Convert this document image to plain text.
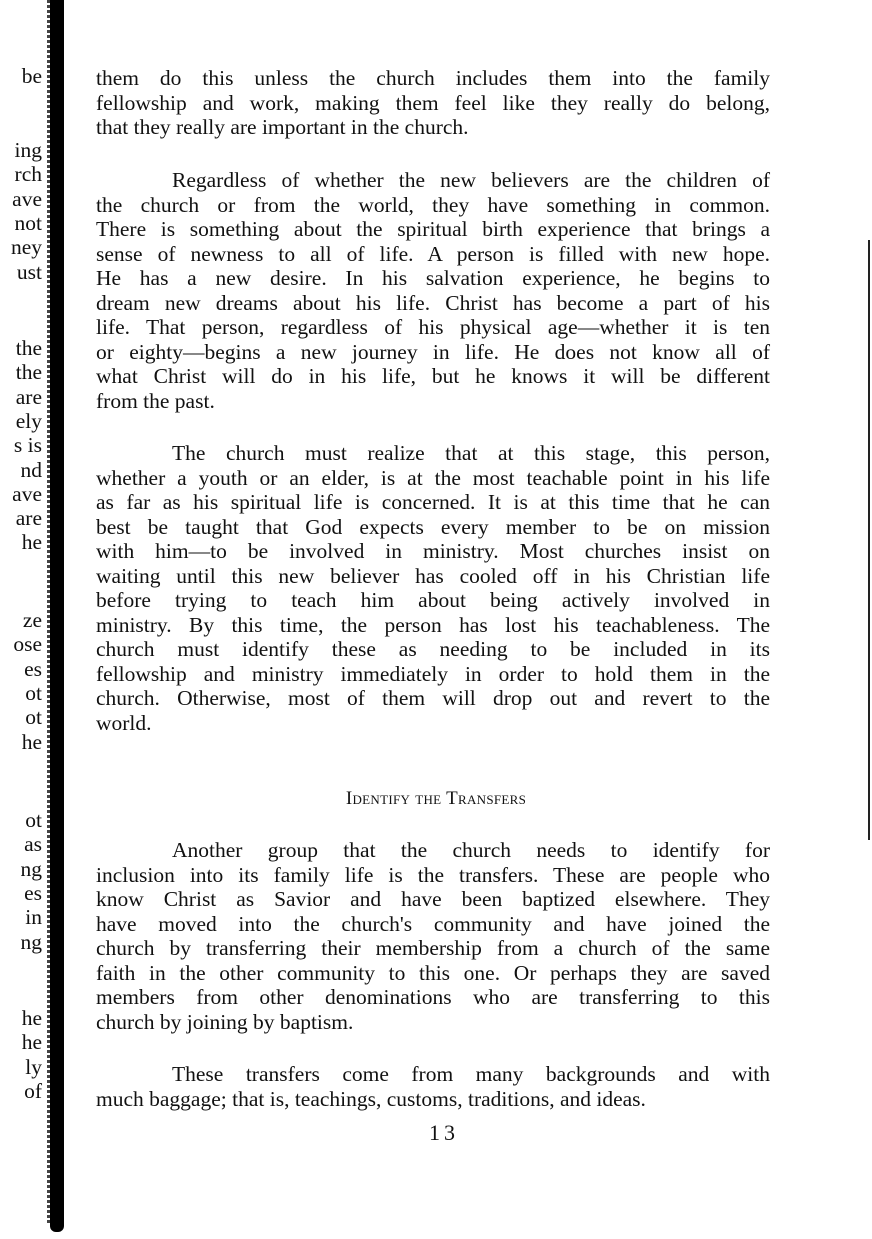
be
ing
rch
ave
not
ney
ust
the
the
are
ely
s is
nd
ave
are
he
ze
ose
es
ot
ot
he
ot
as
ng
es
in
ng
he
he
ly
of
them do this unless the church includes them into the family
fellowship and work, making them feel like they really do belong,
that they really are important in the church.
Regardless of whether the new believers are the children of
the church or from the world, they have something in common.
There is something about the spiritual birth experience that brings a
sense of newness to all of life. A person is filled with new hope.
He has a new desire. In his salvation experience, he begins to
dream new dreams about his life. Christ has become a part of his
life. That person, regardless of his physical age—whether it is ten
or eighty—begins a new journey in life. He does not know all of
what Christ will do in his life, but he knows it will be different
from the past.
The church must realize that at this stage, this person,
whether a youth or an elder, is at the most teachable point in his life
as far as his spiritual life is concerned. It is at this time that he can
best be taught that God expects every member to be on mission
with him—to be involved in ministry. Most churches insist on
waiting until this new believer has cooled off in his Christian life
before trying to teach him about being actively involved in
ministry. By this time, the person has lost his teachableness. The
church must identify these as needing to be included in its
fellowship and ministry immediately in order to hold them in the
church. Otherwise, most of them will drop out and revert to the
world.
Another group that the church needs to identify for
inclusion into its family life is the transfers. These are people who
know Christ as Savior and have been baptized elsewhere. They
have moved into the church's community and have joined the
church by transferring their membership from a church of the same
faith in the other community to this one. Or perhaps they are saved
members from other denominations who are transferring to this
church by joining by baptism.
These transfers come from many backgrounds and with
much baggage; that is, teachings, customs, traditions, and ideas.
Identify the Transfers
13
